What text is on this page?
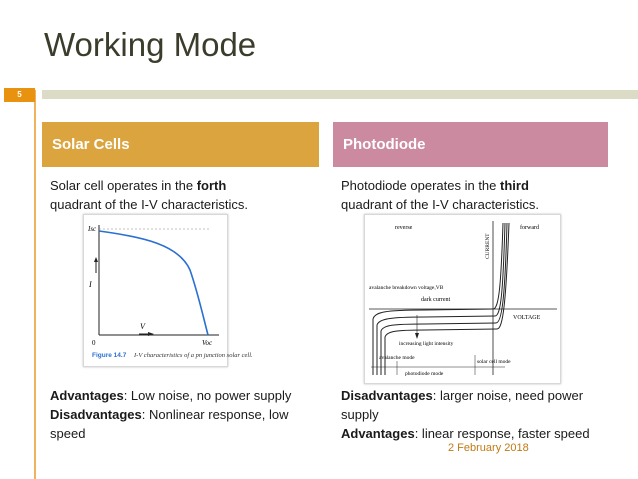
Working Mode
5
Solar Cells
Solar cell operates in the forth
quadrant of the I-V characteristics.
Isc
I
V
0	Voc
Figure 14.7 I-V characteristics of a pn junction solar cell.
Advantages: Low noise, no power supply
Disadvantages: Nonlinear response, low speed
Photodiode
Photodiode operates in the third
quadrant of the I-V characteristics.
reverse	forward
CURRENT
VOLTAGE
avalanche breakdown voltage,VB
dark current
increasing light intensity
avalanche mode
photodiode mode
solar cell mode
Disadvantages: larger noise, need power supply
Advantages: linear response, faster speed
2 February 2018
